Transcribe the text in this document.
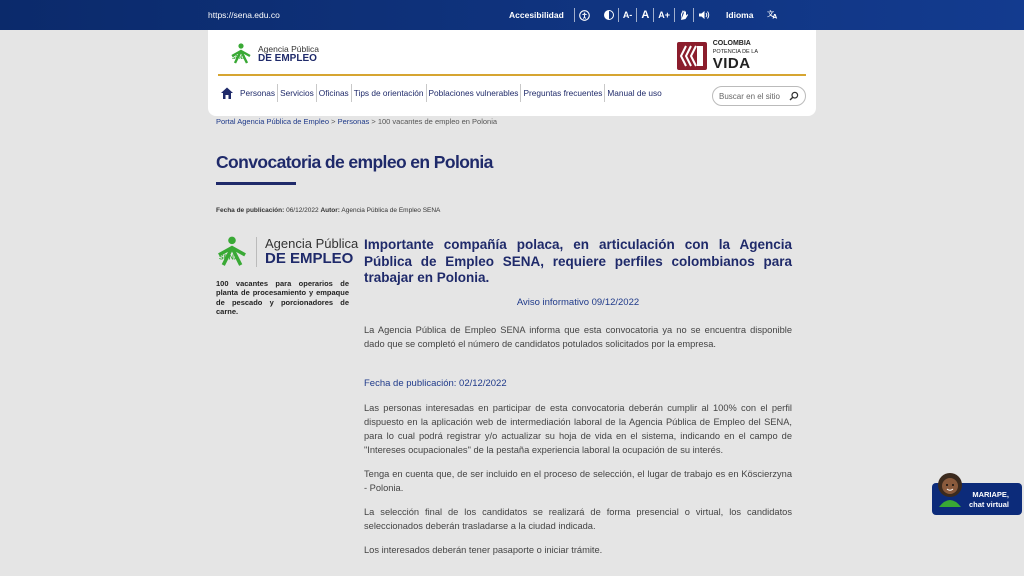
https://sena.edu.co	Accesibilidad	A- A	A+	Idioma 文
A
SENA
Agencia Pública
DE EMPLEO
COLOMBIA
POTENCIA DE LA
VIDA
Personas Servicios Oficinas Tips de orientación Poblaciones vulnerables Preguntas frecuentes Manual de uso
Buscar en el sitio
Portal Agencia Pública de Empleo > Personas > 100 vacantes de empleo en Polonia
Convocatoria de empleo en Polonia
Fecha de publicación: 06/12/2022 Autor: Agencia Pública de Empleo SENA
SENA
Agencia Pública
DE EMPLEO
100 vacantes para operarios de planta de procesamiento y empaque de pescado y porcionadores de carne.
Importante compañía polaca, en articulación con la Agencia Pública de Empleo SENA, requiere perfiles colombianos para trabajar en Polonia.
Aviso informativo 09/12/2022
La Agencia Pública de Empleo SENA informa que esta convocatoria ya no se encuentra disponible dado que se completó el número de candidatos potulados solicitados por la empresa.
Fecha de publicación: 02/12/2022
Las personas interesadas en participar de esta convocatoria deberán cumplir al 100% con el perfil dispuesto en la aplicación web de intermediación laboral de la Agencia Pública de Empleo del SENA, para lo cual podrá registrar y/o actualizar su hoja de vida en el sistema, indicando en el campo de "Intereses ocupacionales" de la pestaña experiencia laboral la ocupación de su interés.
Tenga en cuenta que, de ser incluido en el proceso de selección, el lugar de trabajo es en Köscierzyna - Polonia.
La selección final de los candidatos se realizará de forma presencial o virtual, los candidatos seleccionados deberán trasladarse a la ciudad indicada.
Los interesados deberán tener pasaporte o iniciar trámite.
MARIAPE,
chat virtual
